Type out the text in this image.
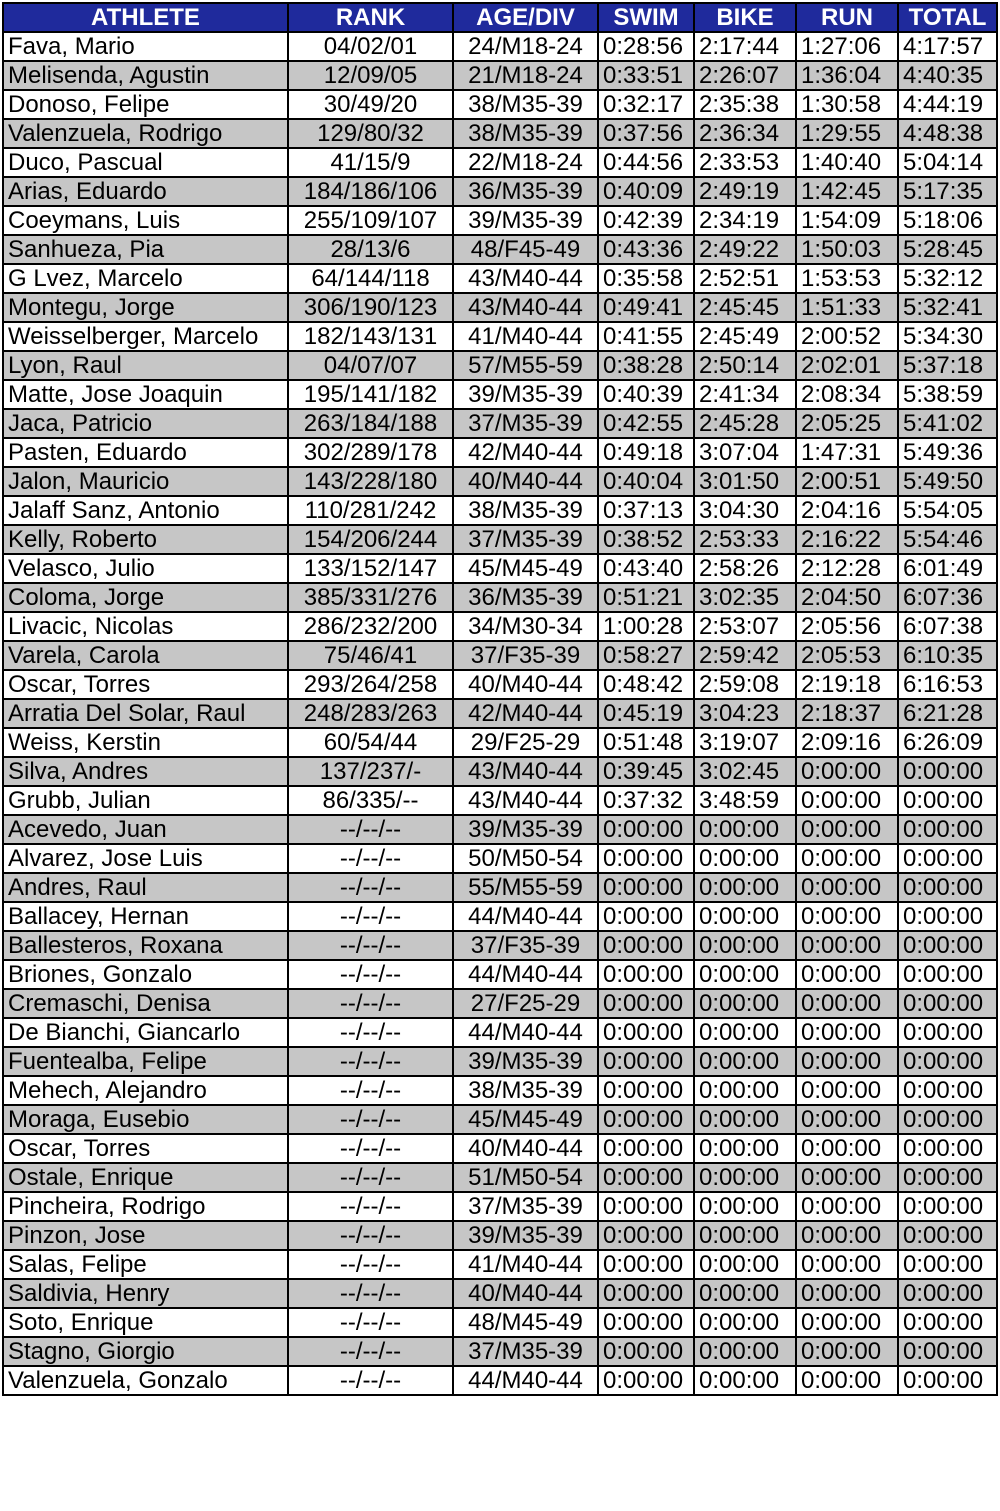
ATHLETE	RANK	AGE/DIV	SWIM	BIKE	RUN	TOTAL
Fava, Mario	04/02/01	24/M18-24	0:28:56	2:17:44	1:27:06	4:17:57
Melisenda, Agustin	12/09/05	21/M18-24	0:33:51	2:26:07	1:36:04	4:40:35
Donoso, Felipe	30/49/20	38/M35-39	0:32:17	2:35:38	1:30:58	4:44:19
Valenzuela, Rodrigo	129/80/32	38/M35-39	0:37:56	2:36:34	1:29:55	4:48:38
Duco, Pascual	41/15/9	22/M18-24	0:44:56	2:33:53	1:40:40	5:04:14
Arias, Eduardo	184/186/106	36/M35-39	0:40:09	2:49:19	1:42:45	5:17:35
Coeymans, Luis	255/109/107	39/M35-39	0:42:39	2:34:19	1:54:09	5:18:06
Sanhueza, Pia	28/13/6	48/F45-49	0:43:36	2:49:22	1:50:03	5:28:45
G Lvez, Marcelo	64/144/118	43/M40-44	0:35:58	2:52:51	1:53:53	5:32:12
Montegu, Jorge	306/190/123	43/M40-44	0:49:41	2:45:45	1:51:33	5:32:41
Weisselberger, Marcelo	182/143/131	41/M40-44	0:41:55	2:45:49	2:00:52	5:34:30
Lyon, Raul	04/07/07	57/M55-59	0:38:28	2:50:14	2:02:01	5:37:18
Matte, Jose Joaquin	195/141/182	39/M35-39	0:40:39	2:41:34	2:08:34	5:38:59
Jaca, Patricio	263/184/188	37/M35-39	0:42:55	2:45:28	2:05:25	5:41:02
Pasten, Eduardo	302/289/178	42/M40-44	0:49:18	3:07:04	1:47:31	5:49:36
Jalon, Mauricio	143/228/180	40/M40-44	0:40:04	3:01:50	2:00:51	5:49:50
Jalaff Sanz, Antonio	110/281/242	38/M35-39	0:37:13	3:04:30	2:04:16	5:54:05
Kelly, Roberto	154/206/244	37/M35-39	0:38:52	2:53:33	2:16:22	5:54:46
Velasco, Julio	133/152/147	45/M45-49	0:43:40	2:58:26	2:12:28	6:01:49
Coloma, Jorge	385/331/276	36/M35-39	0:51:21	3:02:35	2:04:50	6:07:36
Livacic, Nicolas	286/232/200	34/M30-34	1:00:28	2:53:07	2:05:56	6:07:38
Varela, Carola	75/46/41	37/F35-39	0:58:27	2:59:42	2:05:53	6:10:35
Oscar, Torres	293/264/258	40/M40-44	0:48:42	2:59:08	2:19:18	6:16:53
Arratia Del Solar, Raul	248/283/263	42/M40-44	0:45:19	3:04:23	2:18:37	6:21:28
Weiss, Kerstin	60/54/44	29/F25-29	0:51:48	3:19:07	2:09:16	6:26:09
Silva, Andres	137/237/-	43/M40-44	0:39:45	3:02:45	0:00:00	0:00:00
Grubb, Julian	86/335/--	43/M40-44	0:37:32	3:48:59	0:00:00	0:00:00
Acevedo, Juan	--/--/--	39/M35-39	0:00:00	0:00:00	0:00:00	0:00:00
Alvarez, Jose Luis	--/--/--	50/M50-54	0:00:00	0:00:00	0:00:00	0:00:00
Andres, Raul	--/--/--	55/M55-59	0:00:00	0:00:00	0:00:00	0:00:00
Ballacey, Hernan	--/--/--	44/M40-44	0:00:00	0:00:00	0:00:00	0:00:00
Ballesteros, Roxana	--/--/--	37/F35-39	0:00:00	0:00:00	0:00:00	0:00:00
Briones, Gonzalo	--/--/--	44/M40-44	0:00:00	0:00:00	0:00:00	0:00:00
Cremaschi, Denisa	--/--/--	27/F25-29	0:00:00	0:00:00	0:00:00	0:00:00
De Bianchi, Giancarlo	--/--/--	44/M40-44	0:00:00	0:00:00	0:00:00	0:00:00
Fuentealba, Felipe	--/--/--	39/M35-39	0:00:00	0:00:00	0:00:00	0:00:00
Mehech, Alejandro	--/--/--	38/M35-39	0:00:00	0:00:00	0:00:00	0:00:00
Moraga, Eusebio	--/--/--	45/M45-49	0:00:00	0:00:00	0:00:00	0:00:00
Oscar, Torres	--/--/--	40/M40-44	0:00:00	0:00:00	0:00:00	0:00:00
Ostale, Enrique	--/--/--	51/M50-54	0:00:00	0:00:00	0:00:00	0:00:00
Pincheira, Rodrigo	--/--/--	37/M35-39	0:00:00	0:00:00	0:00:00	0:00:00
Pinzon, Jose	--/--/--	39/M35-39	0:00:00	0:00:00	0:00:00	0:00:00
Salas, Felipe	--/--/--	41/M40-44	0:00:00	0:00:00	0:00:00	0:00:00
Saldivia, Henry	--/--/--	40/M40-44	0:00:00	0:00:00	0:00:00	0:00:00
Soto, Enrique	--/--/--	48/M45-49	0:00:00	0:00:00	0:00:00	0:00:00
Stagno, Giorgio	--/--/--	37/M35-39	0:00:00	0:00:00	0:00:00	0:00:00
Valenzuela, Gonzalo	--/--/--	44/M40-44	0:00:00	0:00:00	0:00:00	0:00:00
